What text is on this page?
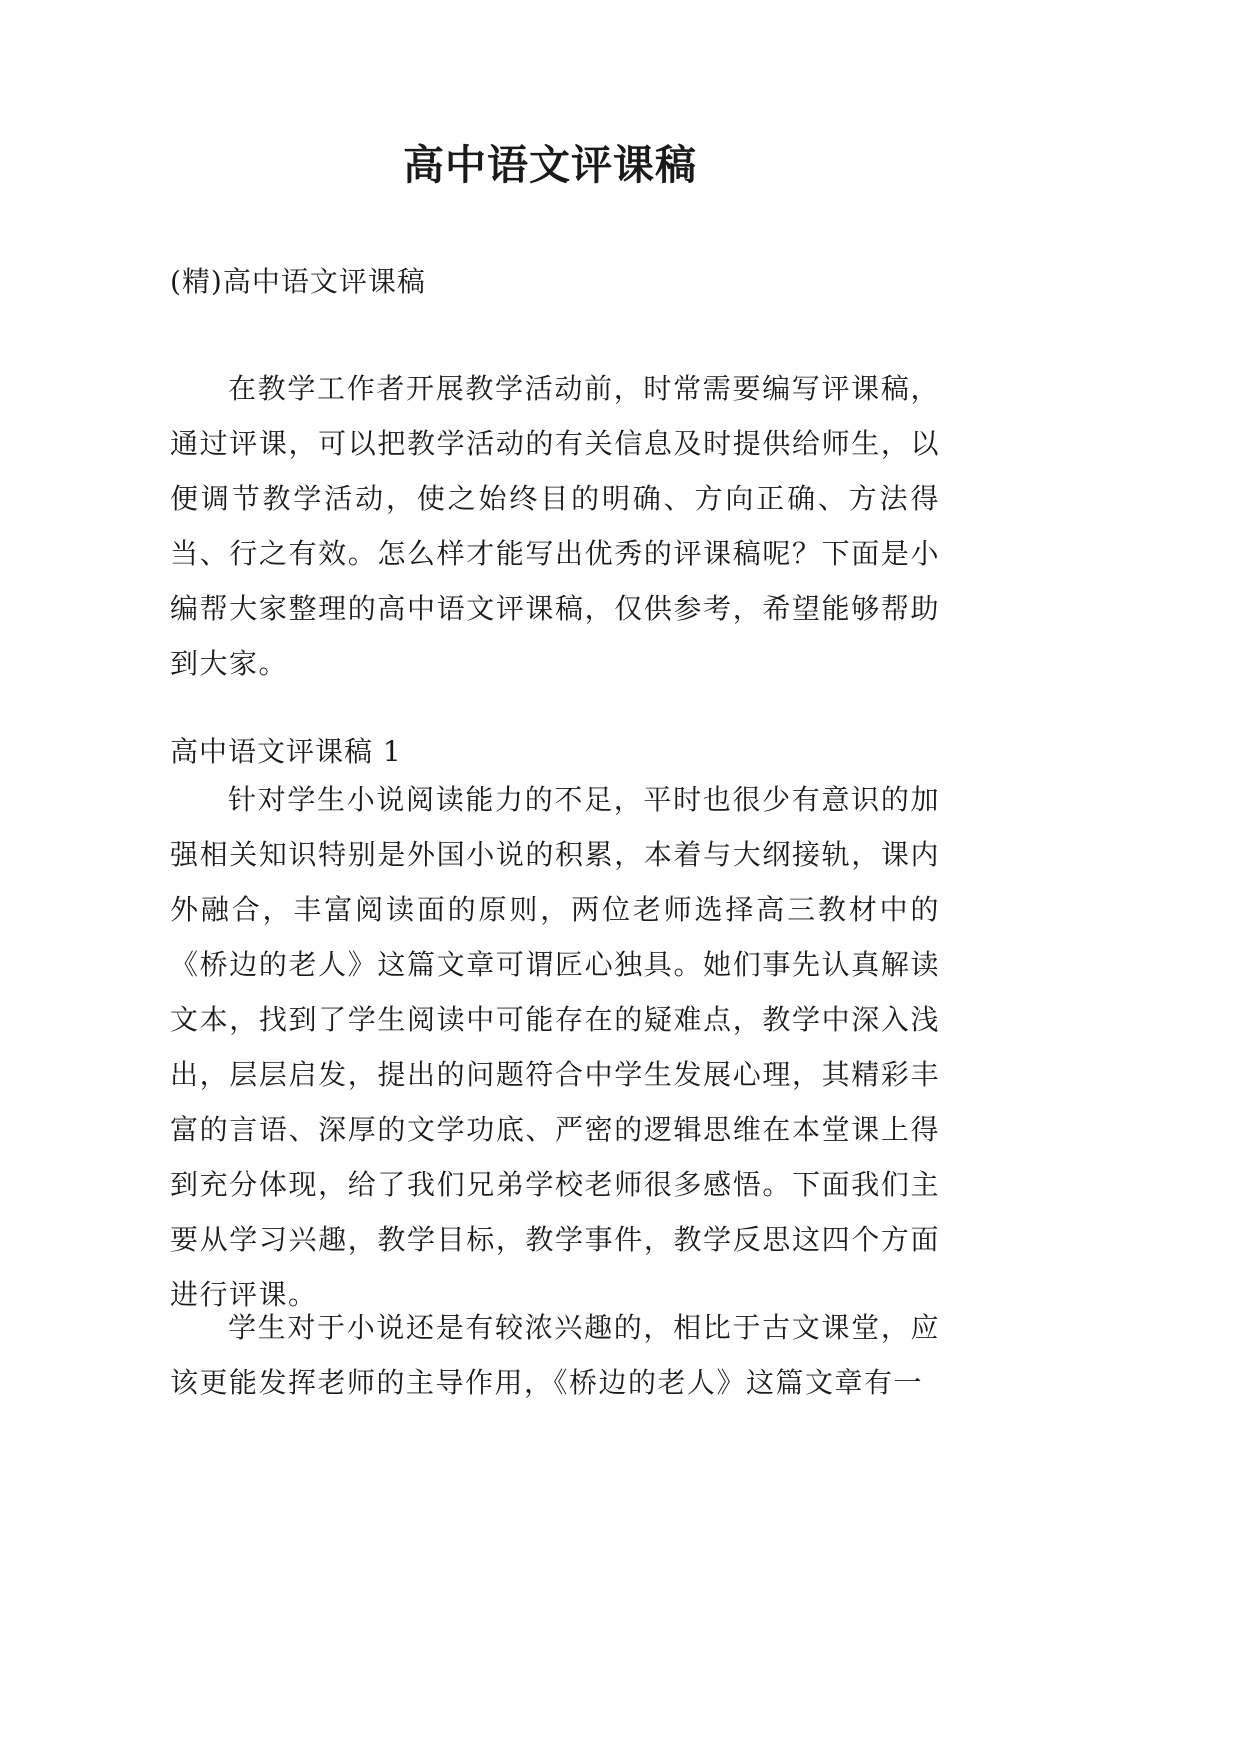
高中语文评课稿
(精)高中语文评课稿

在教学工作者开展教学活动前，时常需要编写评课稿，通过评课，可以把教学活动的有关信息及时提供给师生，以便调节教学活动，使之始终目的明确、方向正确、方法得当、行之有效。怎么样才能写出优秀的评课稿呢？下面是小编帮大家整理的高中语文评课稿，仅供参考，希望能够帮助到大家。

高中语文评课稿 1

针对学生小说阅读能力的不足，平时也很少有意识的加强相关知识特别是外国小说的积累，本着与大纲接轨，课内外融合，丰富阅读面的原则，两位老师选择高三教材中的《桥边的老人》这篇文章可谓匠心独具。她们事先认真解读文本，找到了学生阅读中可能存在的疑难点，教学中深入浅出，层层启发，提出的问题符合中学生发展心理，其精彩丰富的言语、深厚的文学功底、严密的逻辑思维在本堂课上得到充分体现，给了我们兄弟学校老师很多感悟。下面我们主要从学习兴趣，教学目标，教学事件，教学反思这四个方面进行评课。

学生对于小说还是有较浓兴趣的，相比于古文课堂，应该更能发挥老师的主导作用，《桥边的老人》这篇文章有一
